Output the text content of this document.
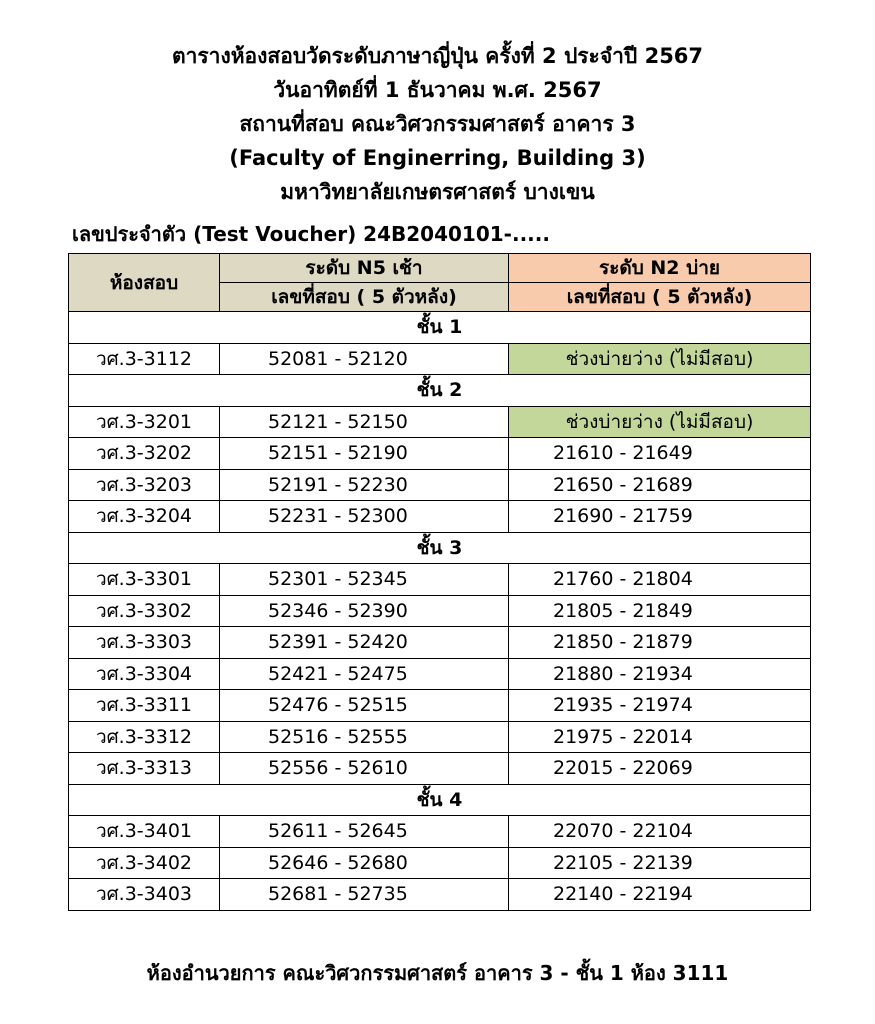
ตารางห้องสอบวัดระดับภาษาญี่ปุ่น ครั้งที่ 2 ประจำปี 2567
วันอาทิตย์ที่ 1 ธันวาคม พ.ศ. 2567
สถานที่สอบ คณะวิศวกรรมศาสตร์ อาคาร 3
(Faculty of Enginerring, Building 3)
มหาวิทยาลัยเกษตรศาสตร์ บางเขน
เลขประจำตัว (Test Voucher) 24B2040101-.....
ห้องสอบ	ระดับ N5 เช้า	ระดับ N2 บ่าย
	เลขที่สอบ ( 5 ตัวหลัง)	เลขที่สอบ ( 5 ตัวหลัง)
ชั้น 1		
วศ.3-3112	52081 - 52120	ช่วงบ่ายว่าง (ไม่มีสอบ)
ชั้น 2		
วศ.3-3201	52121 - 52150	ช่วงบ่ายว่าง (ไม่มีสอบ)
วศ.3-3202	52151 - 52190	21610 - 21649
วศ.3-3203	52191 - 52230	21650 - 21689
วศ.3-3204	52231 - 52300	21690 - 21759
ชั้น 3		
วศ.3-3301	52301 - 52345	21760 - 21804
วศ.3-3302	52346 - 52390	21805 - 21849
วศ.3-3303	52391 - 52420	21850 - 21879
วศ.3-3304	52421 - 52475	21880 - 21934
วศ.3-3311	52476 - 52515	21935 - 21974
วศ.3-3312	52516 - 52555	21975 - 22014
วศ.3-3313	52556 - 52610	22015 - 22069
ชั้น 4		
วศ.3-3401	52611 - 52645	22070 - 22104
วศ.3-3402	52646 - 52680	22105 - 22139
วศ.3-3403	52681 - 52735	22140 - 22194
ห้องอำนวยการ คณะวิศวกรรมศาสตร์ อาคาร 3 - ชั้น 1 ห้อง 3111
